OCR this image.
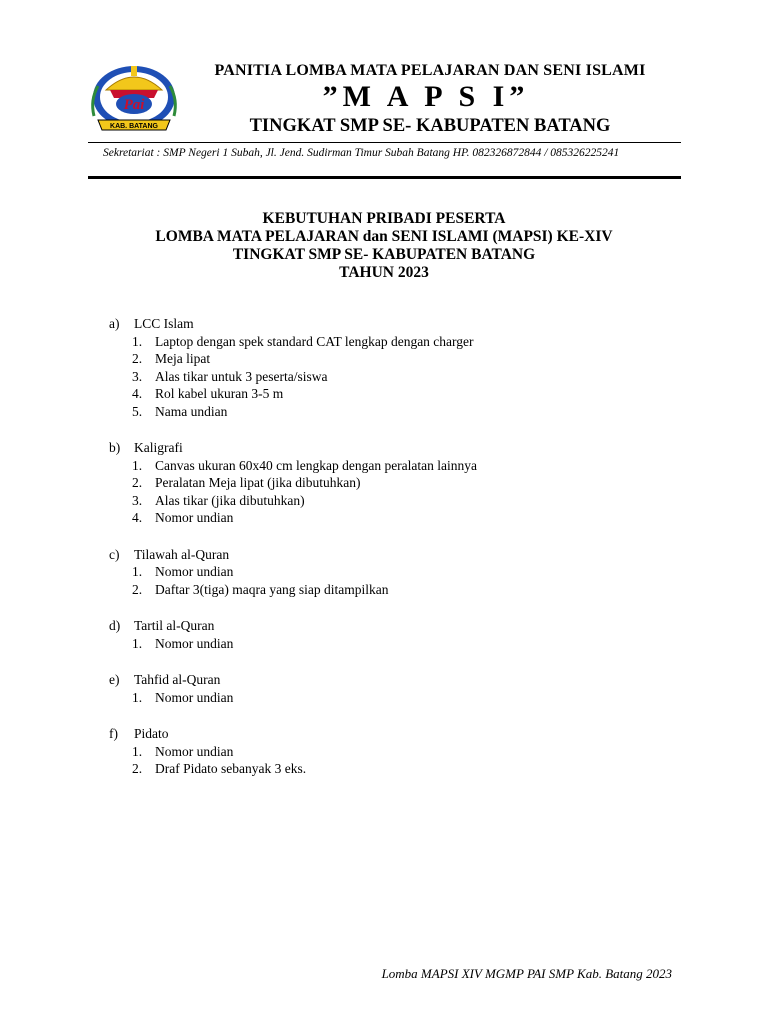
Pai
KAB. BATANG
PANITIA LOMBA MATA PELAJARAN DAN SENI ISLAMI
”M A P S I”
TINGKAT SMP SE- KABUPATEN BATANG
Sekretariat : SMP Negeri 1 Subah, Jl. Jend. Sudirman Timur Subah Batang HP. 082326872844 / 085326225241
KEBUTUHAN PRIBADI PESERTA
LOMBA MATA PELAJARAN dan SENI ISLAMI (MAPSI) KE-XIV
TINGKAT SMP SE- KABUPATEN BATANG
TAHUN 2023
a)	LCC Islam
1. Laptop dengan spek standard CAT lengkap dengan charger
2. Meja lipat
3. Alas tikar untuk 3 peserta/siswa
4. Rol kabel ukuran 3-5 m
5. Nama undian
b)	Kaligrafi
1. Canvas ukuran 60x40 cm lengkap dengan peralatan lainnya
2. Peralatan Meja lipat (jika dibutuhkan)
3. Alas tikar (jika dibutuhkan)
4. Nomor undian
c)	Tilawah al-Quran
1. Nomor undian
2. Daftar 3(tiga) maqra yang siap ditampilkan
d)	Tartil al-Quran
1. Nomor undian
e)	Tahfid al-Quran
1. Nomor undian
f)	Pidato
1. Nomor undian
2. Draf Pidato sebanyak 3 eks.
Lomba MAPSI XIV MGMP PAI SMP Kab. Batang 2023
